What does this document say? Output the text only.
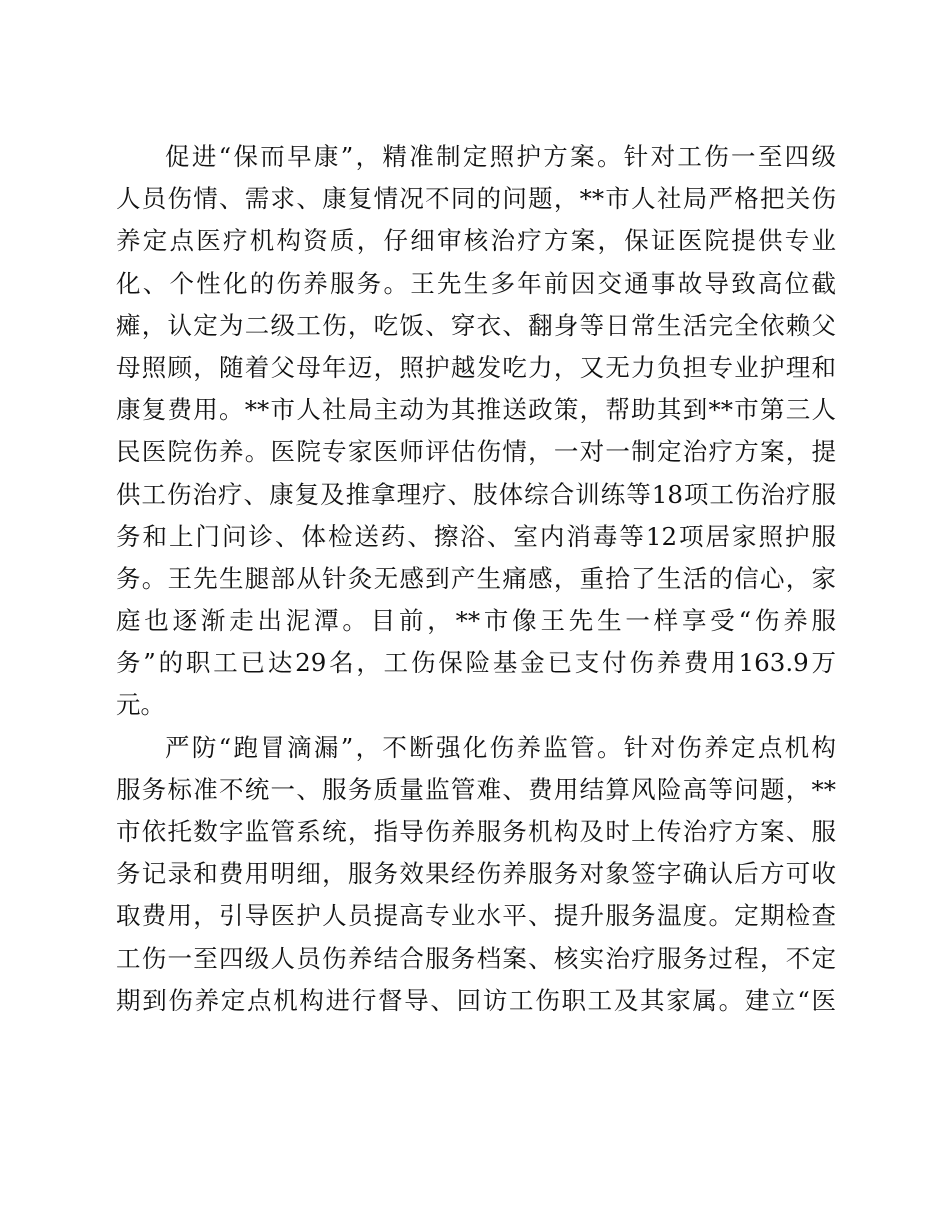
促进“保而早康”，精准制定照护方案。针对工伤一至四级
人员伤情、需求、康复情况不同的问题，**市人社局严格把关伤
养定点医疗机构资质，仔细审核治疗方案，保证医院提供专业
化、个性化的伤养服务。王先生多年前因交通事故导致高位截
瘫，认定为二级工伤，吃饭、穿衣、翻身等日常生活完全依赖父
母照顾，随着父母年迈，照护越发吃力，又无力负担专业护理和
康复费用。**市人社局主动为其推送政策，帮助其到**市第三人
民医院伤养。医院专家医师评估伤情，一对一制定治疗方案，提
供工伤治疗、康复及推拿理疗、肢体综合训练等18项工伤治疗服
务和上门问诊、体检送药、擦浴、室内消毒等12项居家照护服
务。王先生腿部从针灸无感到产生痛感，重拾了生活的信心，家
庭也逐渐走出泥潭。目前，**市像王先生一样享受“伤养服
务”的职工已达29名，工伤保险基金已支付伤养费用163.9万
元。
严防“跑冒滴漏”，不断强化伤养监管。针对伤养定点机构
服务标准不统一、服务质量监管难、费用结算风险高等问题，**
市依托数字监管系统，指导伤养服务机构及时上传治疗方案、服
务记录和费用明细，服务效果经伤养服务对象签字确认后方可收
取费用，引导医护人员提高专业水平、提升服务温度。定期检查
工伤一至四级人员伤养结合服务档案、核实治疗服务过程，不定
期到伤养定点机构进行督导、回访工伤职工及其家属。建立“医
